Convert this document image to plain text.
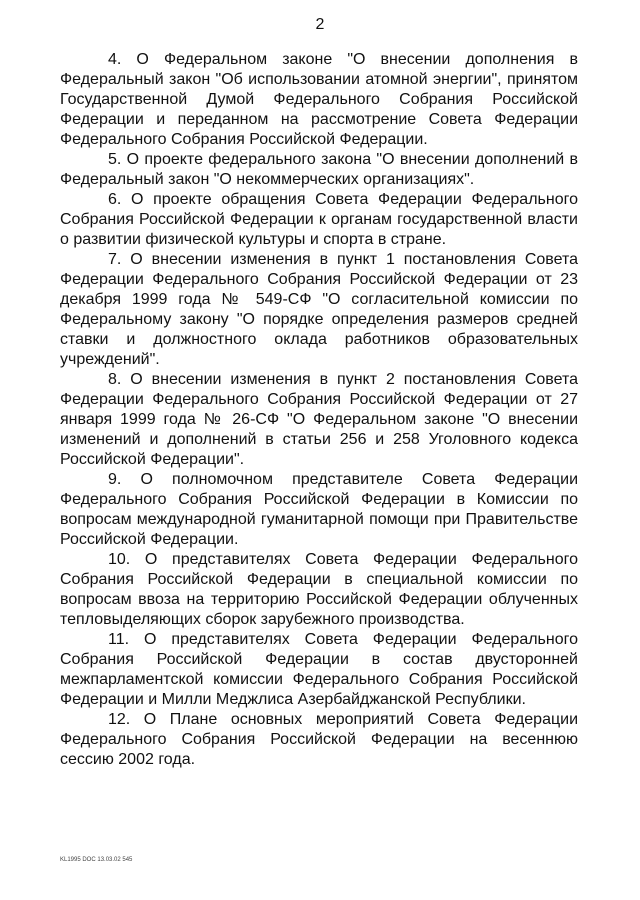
2

4. О Федеральном законе "О внесении дополнения в Федеральный закон "Об использовании атомной энергии", принятом Государственной Думой Федерального Собрания Российской Федерации и переданном на рассмотрение Совета Федерации Федерального Собрания Российской Федерации.

5. О проекте федерального закона "О внесении дополнений в Федеральный закон "О некоммерческих организациях".

6. О проекте обращения Совета Федерации Федерального Собрания Российской Федерации к органам государственной власти о развитии физической культуры и спорта в стране.

7. О внесении изменения в пункт 1 постановления Совета Федерации Федерального Собрания Российской Федерации от 23 декабря 1999 года № 549-СФ "О согласительной комиссии по Федеральному закону "О порядке определения размеров средней ставки и должностного оклада работников образовательных учреждений".

8. О внесении изменения в пункт 2 постановления Совета Федерации Федерального Собрания Российской Федерации от 27 января 1999 года № 26-СФ "О Федеральном законе "О внесении изменений и дополнений в статьи 256 и 258 Уголовного кодекса Российской Федерации".

9. О полномочном представителе Совета Федерации Федерального Собрания Российской Федерации в Комиссии по вопросам международной гуманитарной помощи при Правительстве Российской Федерации.

10. О представителях Совета Федерации Федерального Собрания Российской Федерации в специальной комиссии по вопросам ввоза на территорию Российской Федерации облученных тепловыделяющих сборок зарубежного производства.

11. О представителях Совета Федерации Федерального Собрания Российской Федерации в состав двусторонней межпарламентской комиссии Федерального Собрания Российской Федерации и Милли Меджлиса Азербайджанской Республики.

12. О Плане основных мероприятий Совета Федерации Федерального Собрания Российской Федерации на весеннюю сессию 2002 года.

KL1995 DOC 13.03.02 545
